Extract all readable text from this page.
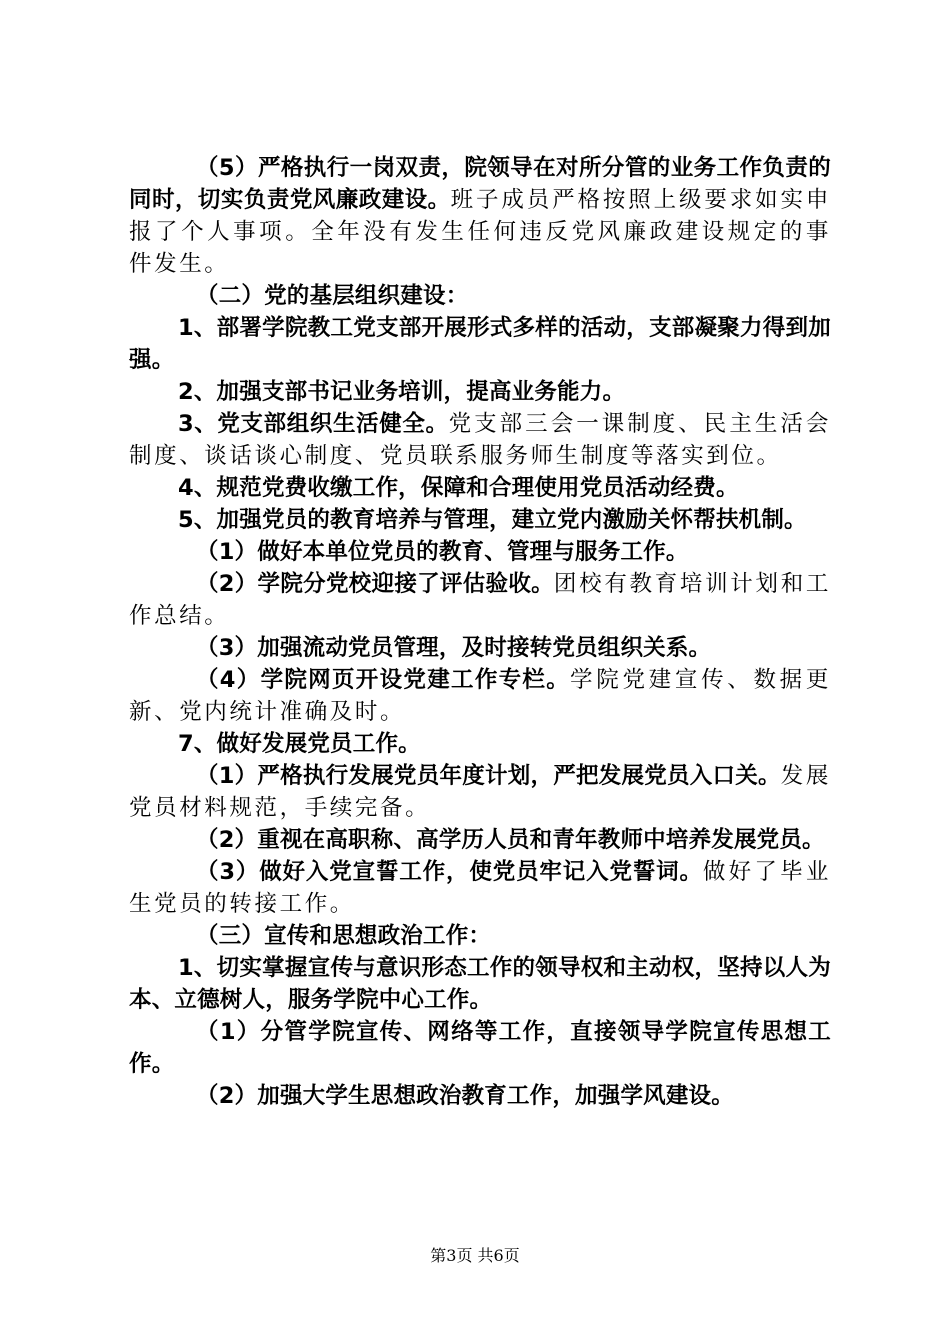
（5）严格执行一岗双责，院领导在对所分管的业务工作负责的同时，切实负责党风廉政建设。班子成员严格按照上级要求如实申报了个人事项。全年没有发生任何违反党风廉政建设规定的事件发生。

（二）党的基层组织建设：

1、部署学院教工党支部开展形式多样的活动，支部凝聚力得到加强。

2、加强支部书记业务培训，提高业务能力。

3、党支部组织生活健全。党支部三会一课制度、民主生活会制度、谈话谈心制度、党员联系服务师生制度等落实到位。

4、规范党费收缴工作，保障和合理使用党员活动经费。

5、加强党员的教育培养与管理，建立党内激励关怀帮扶机制。

（1）做好本单位党员的教育、管理与服务工作。

（2）学院分党校迎接了评估验收。团校有教育培训计划和工作总结。

（3）加强流动党员管理，及时接转党员组织关系。

（4）学院网页开设党建工作专栏。学院党建宣传、数据更新、党内统计准确及时。

7、做好发展党员工作。

（1）严格执行发展党员年度计划，严把发展党员入口关。发展党员材料规范，手续完备。

（2）重视在高职称、高学历人员和青年教师中培养发展党员。

（3）做好入党宣誓工作，使党员牢记入党誓词。做好了毕业生党员的转接工作。

（三）宣传和思想政治工作：

1、切实掌握宣传与意识形态工作的领导权和主动权，坚持以人为本、立德树人，服务学院中心工作。

（1）分管学院宣传、网络等工作，直接领导学院宣传思想工作。

（2）加强大学生思想政治教育工作，加强学风建设。

第3页 共6页
